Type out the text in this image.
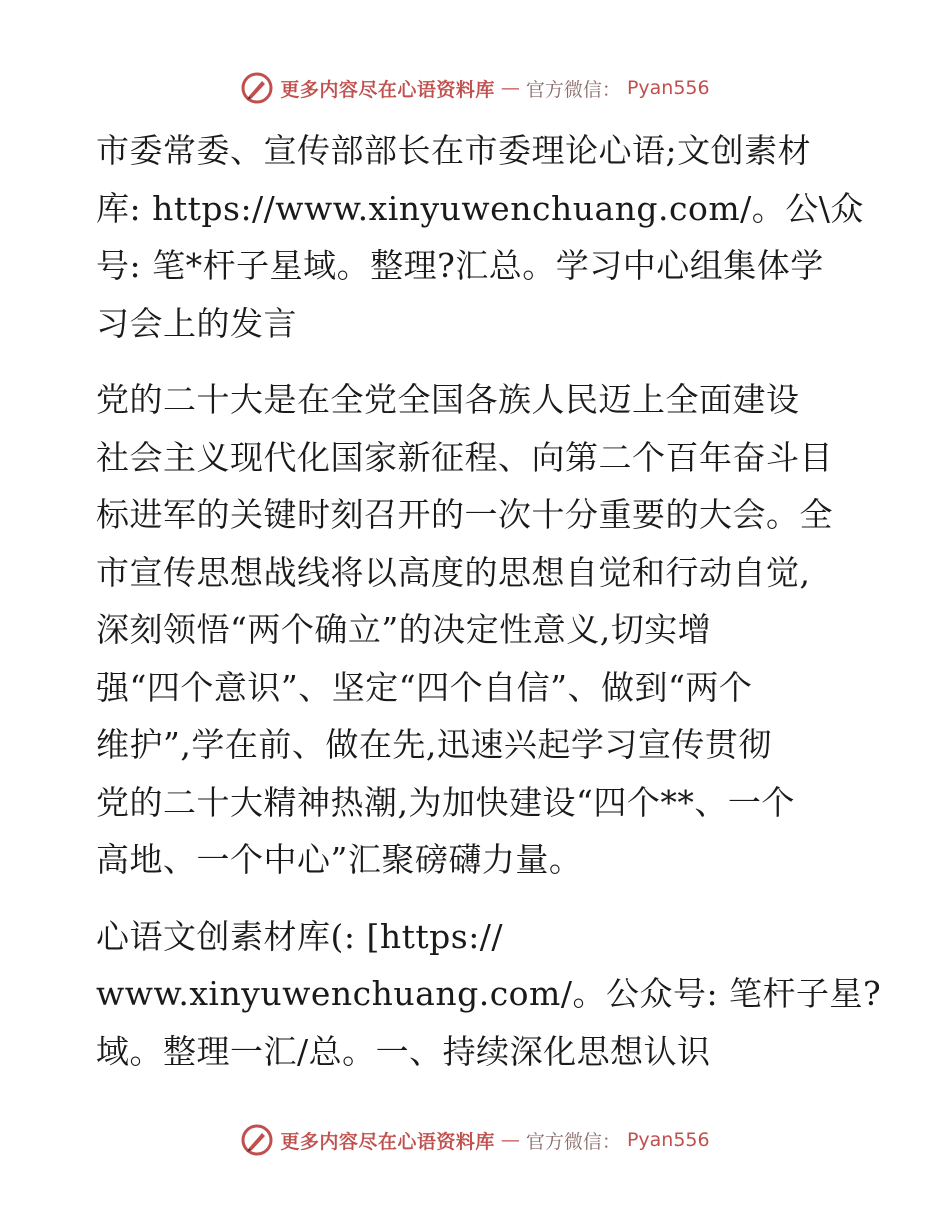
更多内容尽在心语资料库 — 官方微信： Pyan556

市委常委、宣传部部长在市委理论心语;文创素材
库: https://www.xinyuwenchuang.com/。公\众
号: 笔*杆子星域。整理?汇总。学习中心组集体学
习会上的发言

党的二十大是在全党全国各族人民迈上全面建设
社会主义现代化国家新征程、向第二个百年奋斗目
标进军的关键时刻召开的一次十分重要的大会。全
市宣传思想战线将以高度的思想自觉和行动自觉,
深刻领悟“两个确立”的决定性意义,切实增
强“四个意识”、坚定“四个自信”、做到“两个
维护”,学在前、做在先,迅速兴起学习宣传贯彻
党的二十大精神热潮,为加快建设“四个**、一个
高地、一个中心”汇聚磅礴力量。

心语文创素材库(: [https://
www.xinyuwenchuang.com/。公众号: 笔杆子星?
域。整理一汇/总。一、持续深化思想认识

更多内容尽在心语资料库 — 官方微信： Pyan556
